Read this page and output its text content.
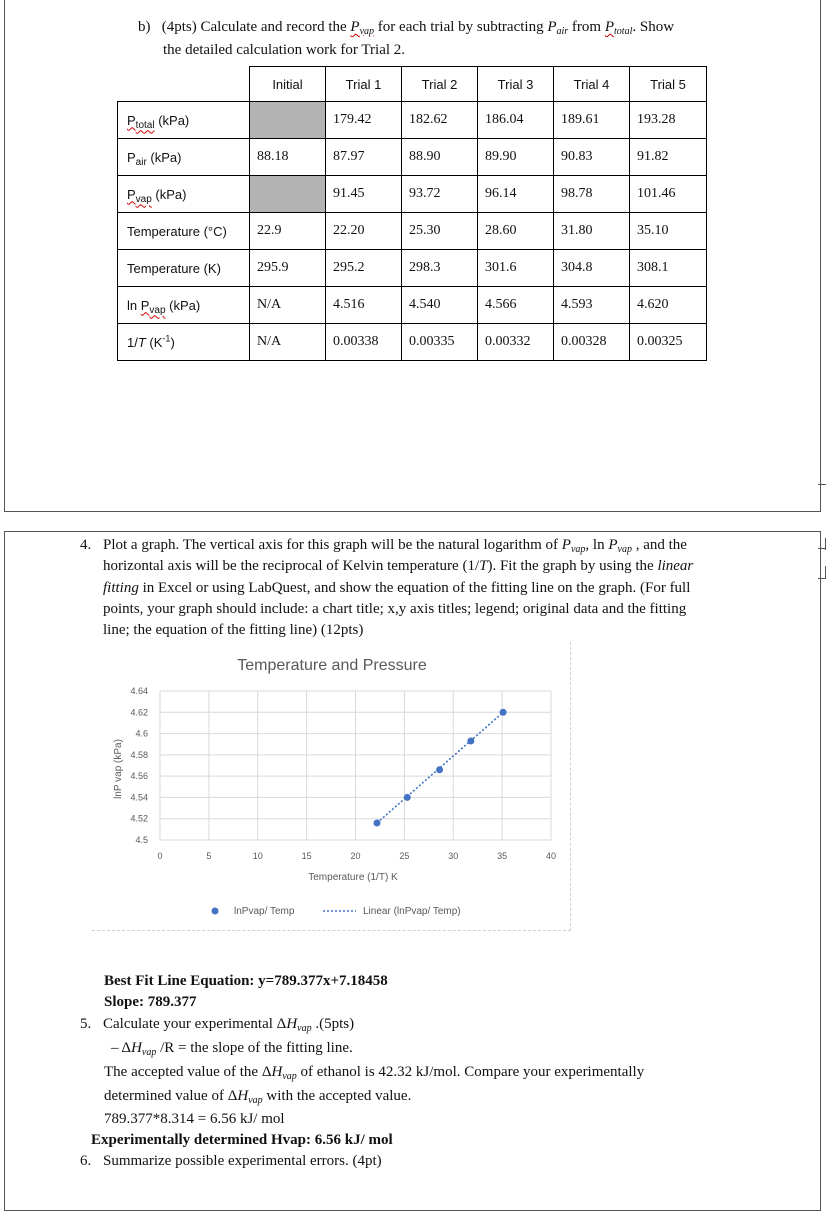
b) (4pts) Calculate and record the $P_{vap}$ for each trial by subtracting $P_{air}$ from $P_{total}$. Show
the detailed calculation work for Trial 2.
	Initial	Trial 1	Trial 2	Trial 3	Trial 4	Trial 5
$P_{total}$ (kPa)		179.42	182.62	186.04	189.61	193.28
$P_{air}$ (kPa)	88.18	87.97	88.90	89.90	90.83	91.82
$P_{vap}$ (kPa)		91.45	93.72	96.14	98.78	101.46
Temperature (°C)	22.9	22.20	25.30	28.60	31.80	35.10
Temperature (K)	295.9	295.2	298.3	301.6	304.8	308.1
$\ln P_{vap}$ (kPa)	N/A	4.516	4.540	4.566	4.593	4.620
1/T $(K^{-1})$	N/A	0.00338	0.00335	0.00332	0.00328	0.00325
4. Plot a graph. The vertical axis for this graph will be the natural logarithm of $P_{vap}$, $\ln P_{vap}$ , and the
horizontal axis will be the reciprocal of Kelvin temperature (1/T). Fit the graph by using the linear
fitting in Excel or using LabQuest, and show the equation of the fitting line on the graph. (For full
points, your graph should include: a chart title; x,y axis titles; legend; original data and the fitting
line; the equation of the fitting line) (12pts)
Temperature and Pressure
4.5
4.52
4.54
4.56
4.58
4.6
4.62
4.64
0	5	10	15	20	25	30	35	40
Temperature (1/T) K
lnP vap (kPa)
lnPvap/ Temp	Linear (lnPvap/ Temp)
Best Fit Line Equation: y=789.377x+7.18458
Slope: 789.377
5. Calculate your experimental $\Delta H_{vap}$ .(5pts)
– $\Delta H_{vap}$ /R = the slope of the fitting line.
The accepted value of the $\Delta H_{vap}$ of ethanol is 42.32 kJ/mol. Compare your experimentally
determined value of $\Delta H_{vap}$ with the accepted value.
789.377*8.314 = 6.56 kJ/ mol
Experimentally determined Hvap: 6.56 kJ/ mol
6. Summarize possible experimental errors. (4pt)
